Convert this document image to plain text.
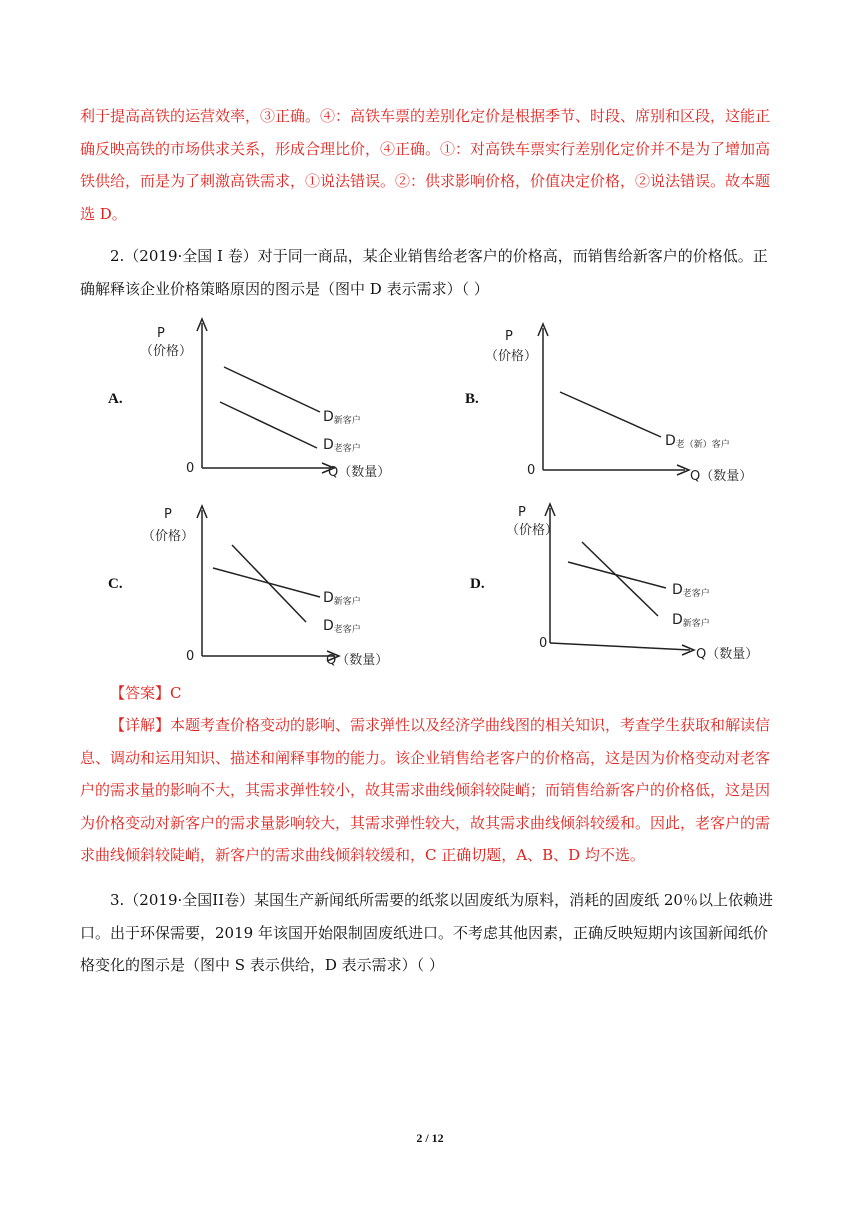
利于提高高铁的运营效率，③正确。④：高铁车票的差别化定价是根据季节、时段、席别和区段，这能正确反映高铁的市场供求关系，形成合理比价，④正确。①：对高铁车票实行差别化定价并不是为了增加高铁供给，而是为了刺激高铁需求，①说法错误。②：供求影响价格，价值决定价格，②说法错误。故本题选 D。

2.（2019·全国 I 卷）对于同一商品，某企业销售给老客户的价格高，而销售给新客户的价格低。正确解释该企业价格策略原因的图示是（图中 D 表示需求）（ ）

A.	B.
C.	D.
P
（价格）
0	Q（数量）
D新客户
D老客户
P
（价格）
0	Q（数量）
D老（新）客户
P
（价格）
0	Q（数量）
D新客户
D老客户
P
（价格）
0
Q（数量）
D老客户
D新客户

【答案】C

【详解】本题考查价格变动的影响、需求弹性以及经济学曲线图的相关知识，考查学生获取和解读信息、调动和运用知识、描述和阐释事物的能力。该企业销售给老客户的价格高，这是因为价格变动对老客户的需求量的影响不大，其需求弹性较小，故其需求曲线倾斜较陡峭；而销售给新客户的价格低，这是因为价格变动对新客户的需求量影响较大，其需求弹性较大，故其需求曲线倾斜较缓和。因此，老客户的需求曲线倾斜较陡峭，新客户的需求曲线倾斜较缓和，C 正确切题，A、B、D 均不选。

3.（2019·全国II卷）某国生产新闻纸所需要的纸浆以固废纸为原料，消耗的固废纸 20％以上依赖进口。出于环保需要，2019 年该国开始限制固废纸进口。不考虑其他因素，正确反映短期内该国新闻纸价格变化的图示是（图中 S 表示供给，D 表示需求）（ ）

2 / 12
